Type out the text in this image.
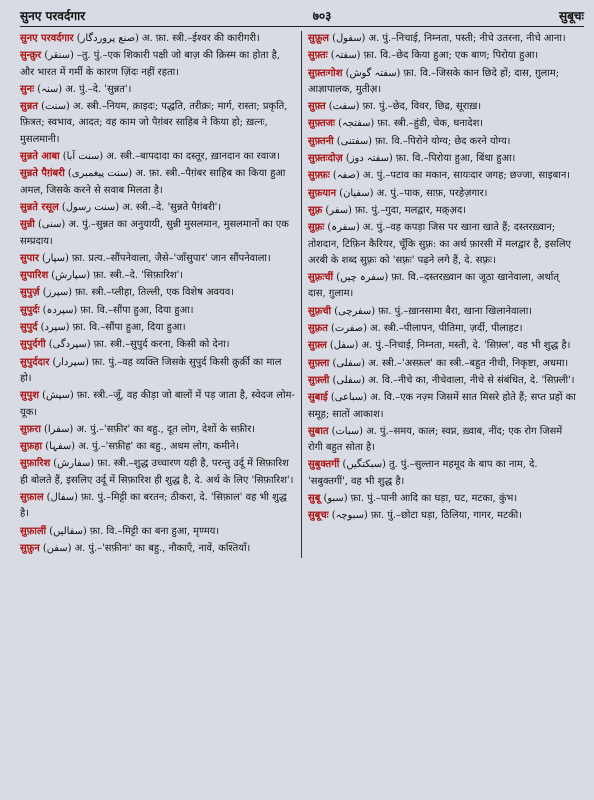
सुनए परवर्दगार	७०३	सुबूचः
सुनए परवर्दगार (صنع پروردگار) अ. फ़ा. स्त्री.–ईश्वर की कारीगरी।
सुन्क़ुर (سنقر) –तु. पुं.–एक शिकारी पक्षी जो बाज़ की क़िस्म का होता है, और भारत में गर्मी के कारण ज़िंदः नहीं रहता।
सुनः (سنہ) अ. पुं.–दे. 'सुन्नत'।
सुन्नत (سنت) अ. स्त्री.–नियम, क़ाइदः; पद्धति, तरीक़ः; मार्ग, रास्ता; प्रकृति, फ़ित्रत; स्वभाव, आदत; वह काम जो पैग़ंबर साहिब ने किया हो; ख़त्नः, मुसलमानी।
सुन्नते आबा (سنت آبا) अ. स्त्री.–बापदादा का दस्तूर, ख़ानदान का रवाज।
सुन्नते पैग़ंबरी (سنت پیغمبری) अ. फ़ा. स्त्री.–पैग़ंबर साहिब का किया हुआ अमल, जिसके करने से सवाब मिलता है।
सुन्नते रसूल (سنت رسول) अ. स्त्री.–दे. 'सुन्नते पैग़ंबरी'।
सुन्नी (سنی) अ. पुं.–सुन्नत का अनुयायी, सुन्नी मुसलमान, मुसलमानों का एक सम्प्रदाय।
सुपार (سپار) फ़ा. प्रत्य.–सौंपनेवाला, जैसे–'जाँसुपार' जान सौंपनेवाला।
सुपारिश (سپارش) फ़ा. स्त्री.–दे. 'सिफ़ारिश'।
सुपुर्ज़ (سپرز) फ़ा. स्त्री.–प्लीहा, तिल्ली, एक विशेष अवयव।
सुपुर्दः (سپردہ) फ़ा. वि.–सौंपा हुआ, दिया हुआ।
सुपुर्द (سپرد) फ़ा. वि.–सौंपा हुआ, दिया हुआ।
सुपुर्दगी (سپردگی) फ़ा. स्त्री.–सुपुर्द करना, किसी को देना।
सुपुर्ददार (سپردار) फ़ा. पुं.–वह व्यक्ति जिसके सुपुर्द किसी क़ुर्क़ी का माल हो।
सुपुश (سپش) फ़ा. स्त्री.–जूँ, वह कीड़ा जो बालों में पड़ जाता है, स्वेदज लोम-यूक।
सुफ़रा (سفرا) अ. पुं.–'सफ़ीर' का बहु., दूत लोग, देशों के सफ़ीर।
सुफ़हा (سفہا) अ. पुं.–'सफ़ीह' का बहु., अधम लोग, कमीने।
सुफ़ारिश (سفارش) फ़ा. स्त्री.–शुद्ध उच्चारण यही है, परन्तु उर्दू में सिफ़ारिश ही बोलते हैं, इसलिए उर्दू में सिफ़ारिश ही शुद्ध है, दे. अर्थ के लिए 'सिफ़ारिश'।
सुफ़ाल (سفال) फ़ा. पुं.–मिट्टी का बरतन; ठीकरा, दे. 'सिफ़ाल' वह भी शुद्ध है।
सुफ़ालीं (سفالیں) फ़ा. वि.–मिट्टी का बना हुआ, मृण्मय।
सुफ़ुन (سفن) अ. पुं.–'सफ़ीनः' का बहु., नौकाएँ, नावें, कश्तियाँ।
सुफ़ूल (سفول) अ. पुं.–निचाई, निम्नता, पस्ती; नीचे उतरना, नीचे आना।
सुफ़्तः (سفتہ) फ़ा. वि.–छेद किया हुआ; एक बाण; पिरोया हुआ।
सुफ़्तःगोश (سفتہ گوش) फ़ा. वि.–जिसके कान छिदे हों; दास, ग़ुलाम; आज्ञापालक, मुतीअ़।
सुफ़्त (سفت) फ़ा. पुं.–छेद, विवर, छिद्र, सूराख़।
सुफ़्तजः (سفتجہ) फ़ा. स्त्री.–हुंडी, चेक, धनादेश।
सुफ़्तनी (سفتنی) फ़ा. वि.–पिरोने योग्य; छेद करने योग्य।
सुफ़्तःदोज़ (سفتہ دوز) फ़ा. वि.–पिरोया हुआ, बिंधा हुआ।
सुफ़्फ़ः (صفہ) अ. पुं.–पटाव का मकान, सायःदार जगह; छज्जा, साइबान।
सुफ़यान (سفیان) अ. पुं.–पाक, साफ़, परहेज़गार।
सुफ़्र (سفر) फ़ा. पुं.–गुदा, मलद्वार, मक़्अ़द।
सुफ़्रः (سفرہ) अ. पुं.–वह कपड़ा जिस पर खाना खाते हैं; दस्तरख़्वान; तोशदान, टिफ़िन कैरियर, चूँकि सुफ़्र: का अर्थ फ़ारसी में मलद्वार है, इसलिए अरबी के शब्द सुफ़्रः को 'सफ़्रः' पढ़ने लगे हैं, दे. सफ़्रः।
सुफ़्रःचीं (سفرہ چیں) फ़ा. वि.–दस्तरख़्वान का जूठा खानेवाला, अर्थात् दास, ग़ुलाम।
सुफ़्रची (سفرچی) फ़ा. पुं.–ख़ानसामा बैरा, खाना खिलानेवाला।
सुफ़्रत (صفرت) अ. स्त्री.–पीलापन, पीतिमा, ज़र्दी, पीलाहट।
सुफ़्ल (سفل) अ. पुं.–निचाई, निम्नता, मस्ती, दे. 'सिफ़्ल', वह भी शुद्ध है।
सुफ़्ला (سفلی) अ. स्त्री.–'अस्फ़ल' का स्त्री.–बहुत नीची, निकृष्टा, अधमा।
सुफ़्ली (سفلی) अ. वि.–नीचे का, नीचेवाला, नीचे से संबंधित, दे. 'सिफ़्ली'।
सुबाई (سباعی) अ. वि.–एक नज़्म जिसमें सात मिसरे होते हैं; सप्त प्रहों का समूह; सातों आकाश।
सुबात (سبات) अ. पुं.–समय, काल; स्वप्न, ख़्वाब, नींद; एक रोग जिसमें रोगी बहुत सोता है।
सुबुक्तगीं (سبکتگیں) तु. पुं.–सुल्तान महमूद के बाप का नाम, दे. 'सबुक्तगीं', वह भी शुद्ध है।
सुबू (سبو) फ़ा. पुं.–पानी आदि का घड़ा, घट, मटका, कुंभ।
सुबूचः (سبوچہ) फ़ा. पुं.–छोटा घड़ा, ठिलिया, गागर, मटकी।
